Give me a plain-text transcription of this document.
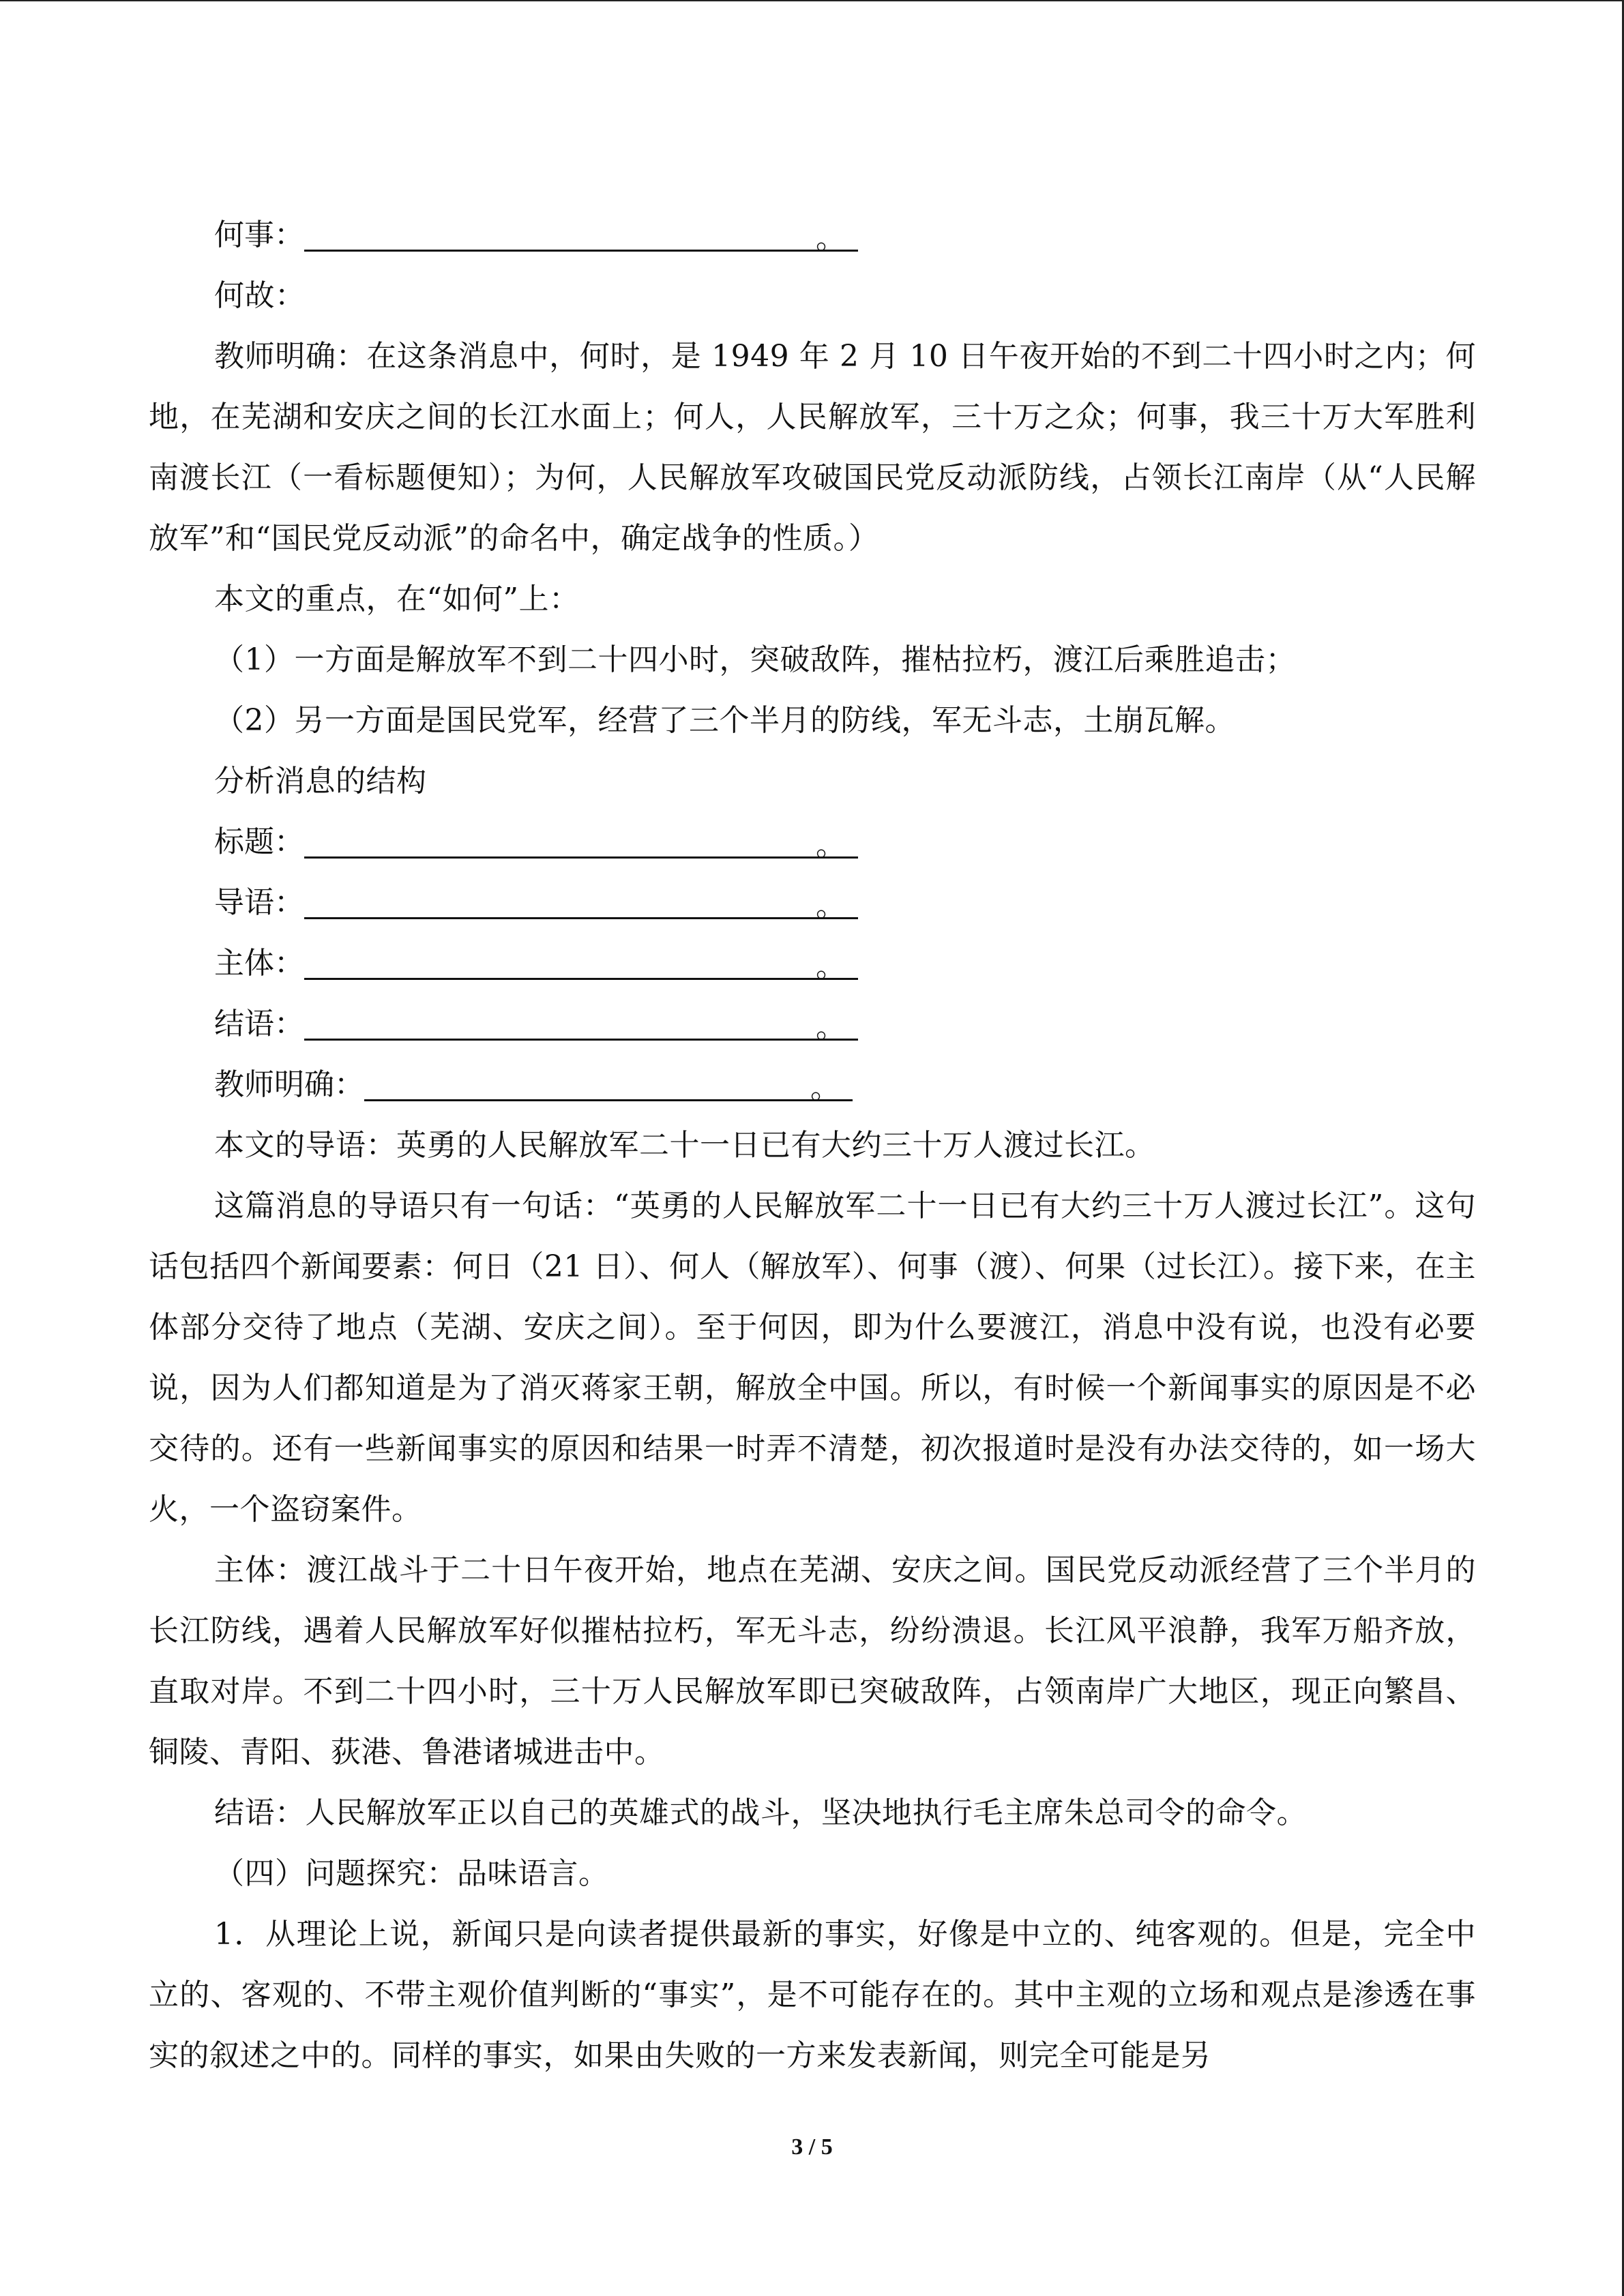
何事：	。

何故：

教师明确：在这条消息中，何时，是 1949 年 2 月 10 日午夜开始的不到二十四小时之内；何地，在芜湖和安庆之间的长江水面上；何人，人民解放军，三十万之众；何事，我三十万大军胜利南渡长江（一看标题便知）；为何，人民解放军攻破国民党反动派防线，占领长江南岸（从“人民解放军”和“国民党反动派”的命名中，确定战争的性质。）

本文的重点，在“如何”上：

（1）一方面是解放军不到二十四小时，突破敌阵，摧枯拉朽，渡江后乘胜追击；

（2）另一方面是国民党军，经营了三个半月的防线，军无斗志，土崩瓦解。

分析消息的结构

标题：	。
导语：	。
主体：	。
结语：	。
教师明确：	。

本文的导语：英勇的人民解放军二十一日已有大约三十万人渡过长江。

这篇消息的导语只有一句话：“英勇的人民解放军二十一日已有大约三十万人渡过长江”。这句话包括四个新闻要素：何日（21 日）、何人（解放军）、何事（渡）、何果（过长江）。接下来，在主体部分交待了地点（芜湖、安庆之间）。至于何因，即为什么要渡江，消息中没有说，也没有必要说，因为人们都知道是为了消灭蒋家王朝，解放全中国。所以，有时候一个新闻事实的原因是不必交待的。还有一些新闻事实的原因和结果一时弄不清楚，初次报道时是没有办法交待的，如一场大火，一个盗窃案件。

主体：渡江战斗于二十日午夜开始，地点在芜湖、安庆之间。国民党反动派经营了三个半月的长江防线，遇着人民解放军好似摧枯拉朽，军无斗志，纷纷溃退。长江风平浪静，我军万船齐放，直取对岸。不到二十四小时，三十万人民解放军即已突破敌阵，占领南岸广大地区，现正向繁昌、铜陵、青阳、荻港、鲁港诸城进击中。

结语：人民解放军正以自己的英雄式的战斗，坚决地执行毛主席朱总司令的命令。

（四）问题探究：品味语言。

1．从理论上说，新闻只是向读者提供最新的事实，好像是中立的、纯客观的。但是，完全中立的、客观的、不带主观价值判断的“事实”，是不可能存在的。其中主观的立场和观点是渗透在事实的叙述之中的。同样的事实，如果由失败的一方来发表新闻，则完全可能是另

3 / 5
